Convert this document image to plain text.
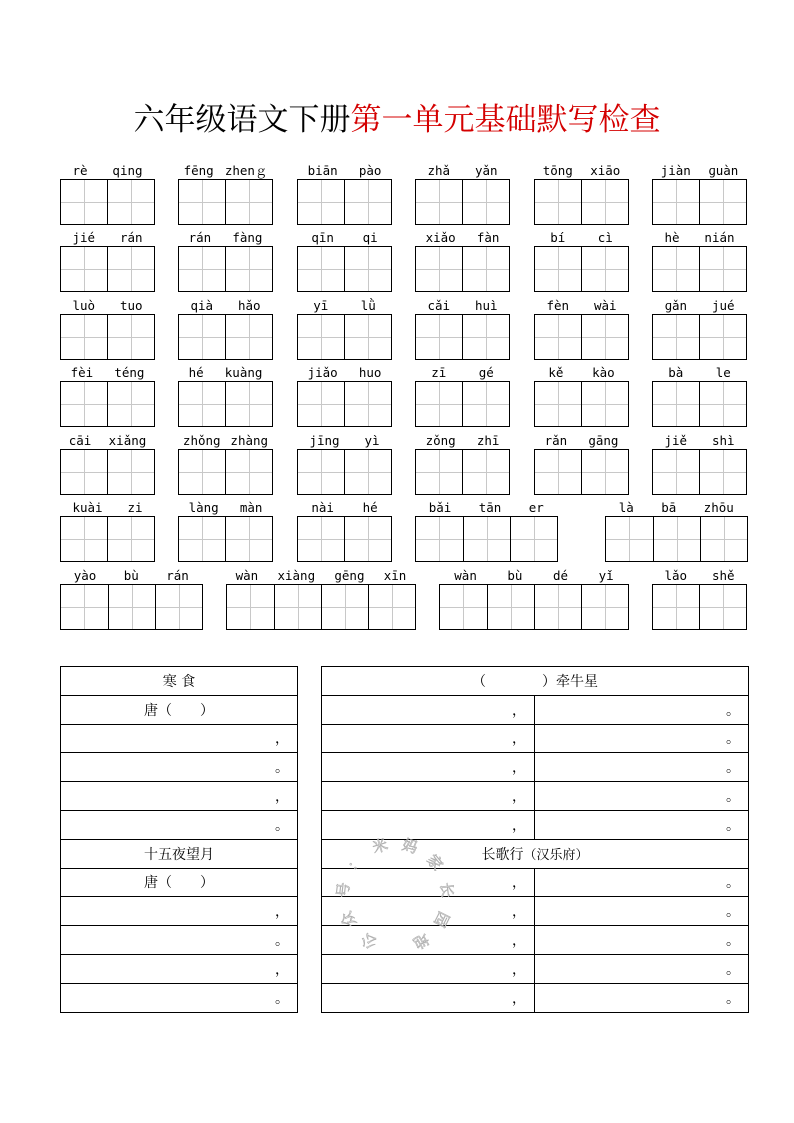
六年级语文下册第一单元基础默写检查
rè qing	fēng zhenｇ	biān pào	zhǎ yǎn	tōng xiāo	jiàn ɡuàn
jié rán	rán fàng	qīn qi	xiǎo fàn	bí	cì	hè nián
luò tuo	qià hǎo	yī	lǜ	cǎi huì	fèn wài	ɡǎn jué
fèi téng	hé kuàng	jiǎo huo	zī	gé	kě kào	bà	le
cāi xiǎng	zhǒng zhàng	jīng yì	zǒng zhī	rǎn gāng	jiě shì
kuài zi	làng màn	nài hé	bǎi tān er	là bā zhōu
yào bù rán	wàn xiàng gēng xīn	wàn bù dé yǐ	lǎo shě
寒 食
唐（　　）
，
。
，
。
十五夜望月
唐（　　）
，
。
，
。
（　　　　）牵牛星	
，	。
，	。
，	。
，	。
，	。
长歌行（汉乐府）	
，	。
，	。
，	。
，	。
，	。
公
众
号
：
米 妈
家
长
园
地
